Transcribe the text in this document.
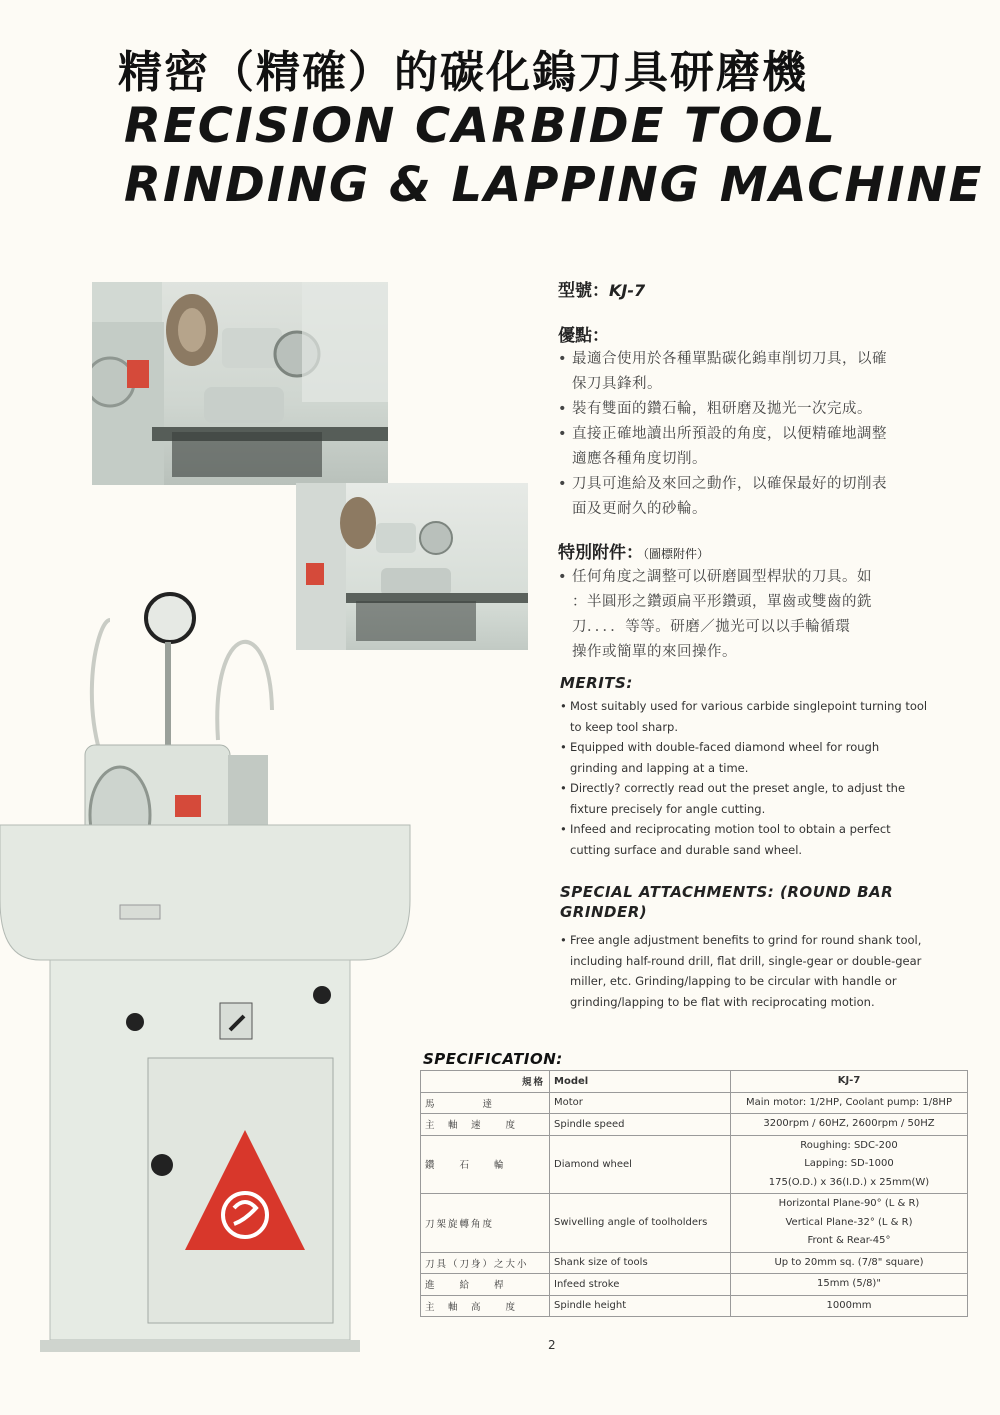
精密（精確）的碳化鎢刀具研磨機
RECISION CARBIDE TOOL
RINDING & LAPPING MACHINE
型號：KJ-7
優點：
• 最適合使用於各種單點碳化鎢車削切刀具，以確
保刀具鋒利。
• 裝有雙面的鑽石輪，粗研磨及拋光一次完成。
• 直接正確地讀出所預設的角度，以便精確地調整
適應各種角度切削。
• 刀具可進給及來回之動作，以確保最好的切削表
面及更耐久的砂輪。
特別附件：（圖標附件）
• 任何角度之調整可以研磨圓型桿狀的刀具。如
：半圓形之鑽頭扁平形鑽頭，單齒或雙齒的銑
刀．．．．等等。研磨／拋光可以以手輪循環
操作或簡單的來回操作。
MERITS:
• Most suitably used for various carbide singlepoint turning tool
to keep tool sharp.
• Equipped with double-faced diamond wheel for rough
grinding and lapping at a time.
• Directly? correctly read out the preset angle, to adjust the
fixture precisely for angle cutting.
• Infeed and reciprocating motion tool to obtain a perfect
cutting surface and durable sand wheel.
SPECIAL ATTACHMENTS: (ROUND BAR
GRINDER)
• Free angle adjustment benefits to grind for round shank tool,
including half-round drill, flat drill, single-gear or double-gear
miller, etc. Grinding/lapping to be circular with handle or
grinding/lapping to be flat with reciprocating motion.
SPECIFICATION:
規格	Model	KJ-7
馬　　　　達	Motor	Main motor: 1/2HP, Coolant pump: 1/8HP
主　軸　速　　度	Spindle speed	3200rpm / 60HZ, 2600rpm / 50HZ
鑽　　石　　輪	Diamond wheel	Roughing: SDC-200
Lapping: SD-1000
175(O.D.) x 36(I.D.) x 25mm(W)
刀架旋轉角度	Swivelling angle of toolholders	Horizontal Plane-90° (L & R)
Vertical Plane-32° (L & R)
Front & Rear-45°
刀具（刀身）之大小	Shank size of tools	Up to 20mm sq. (7/8" square)
進　　給　　桿	Infeed stroke	15mm (5/8)"
主　軸　高　　度	Spindle height	1000mm
2
